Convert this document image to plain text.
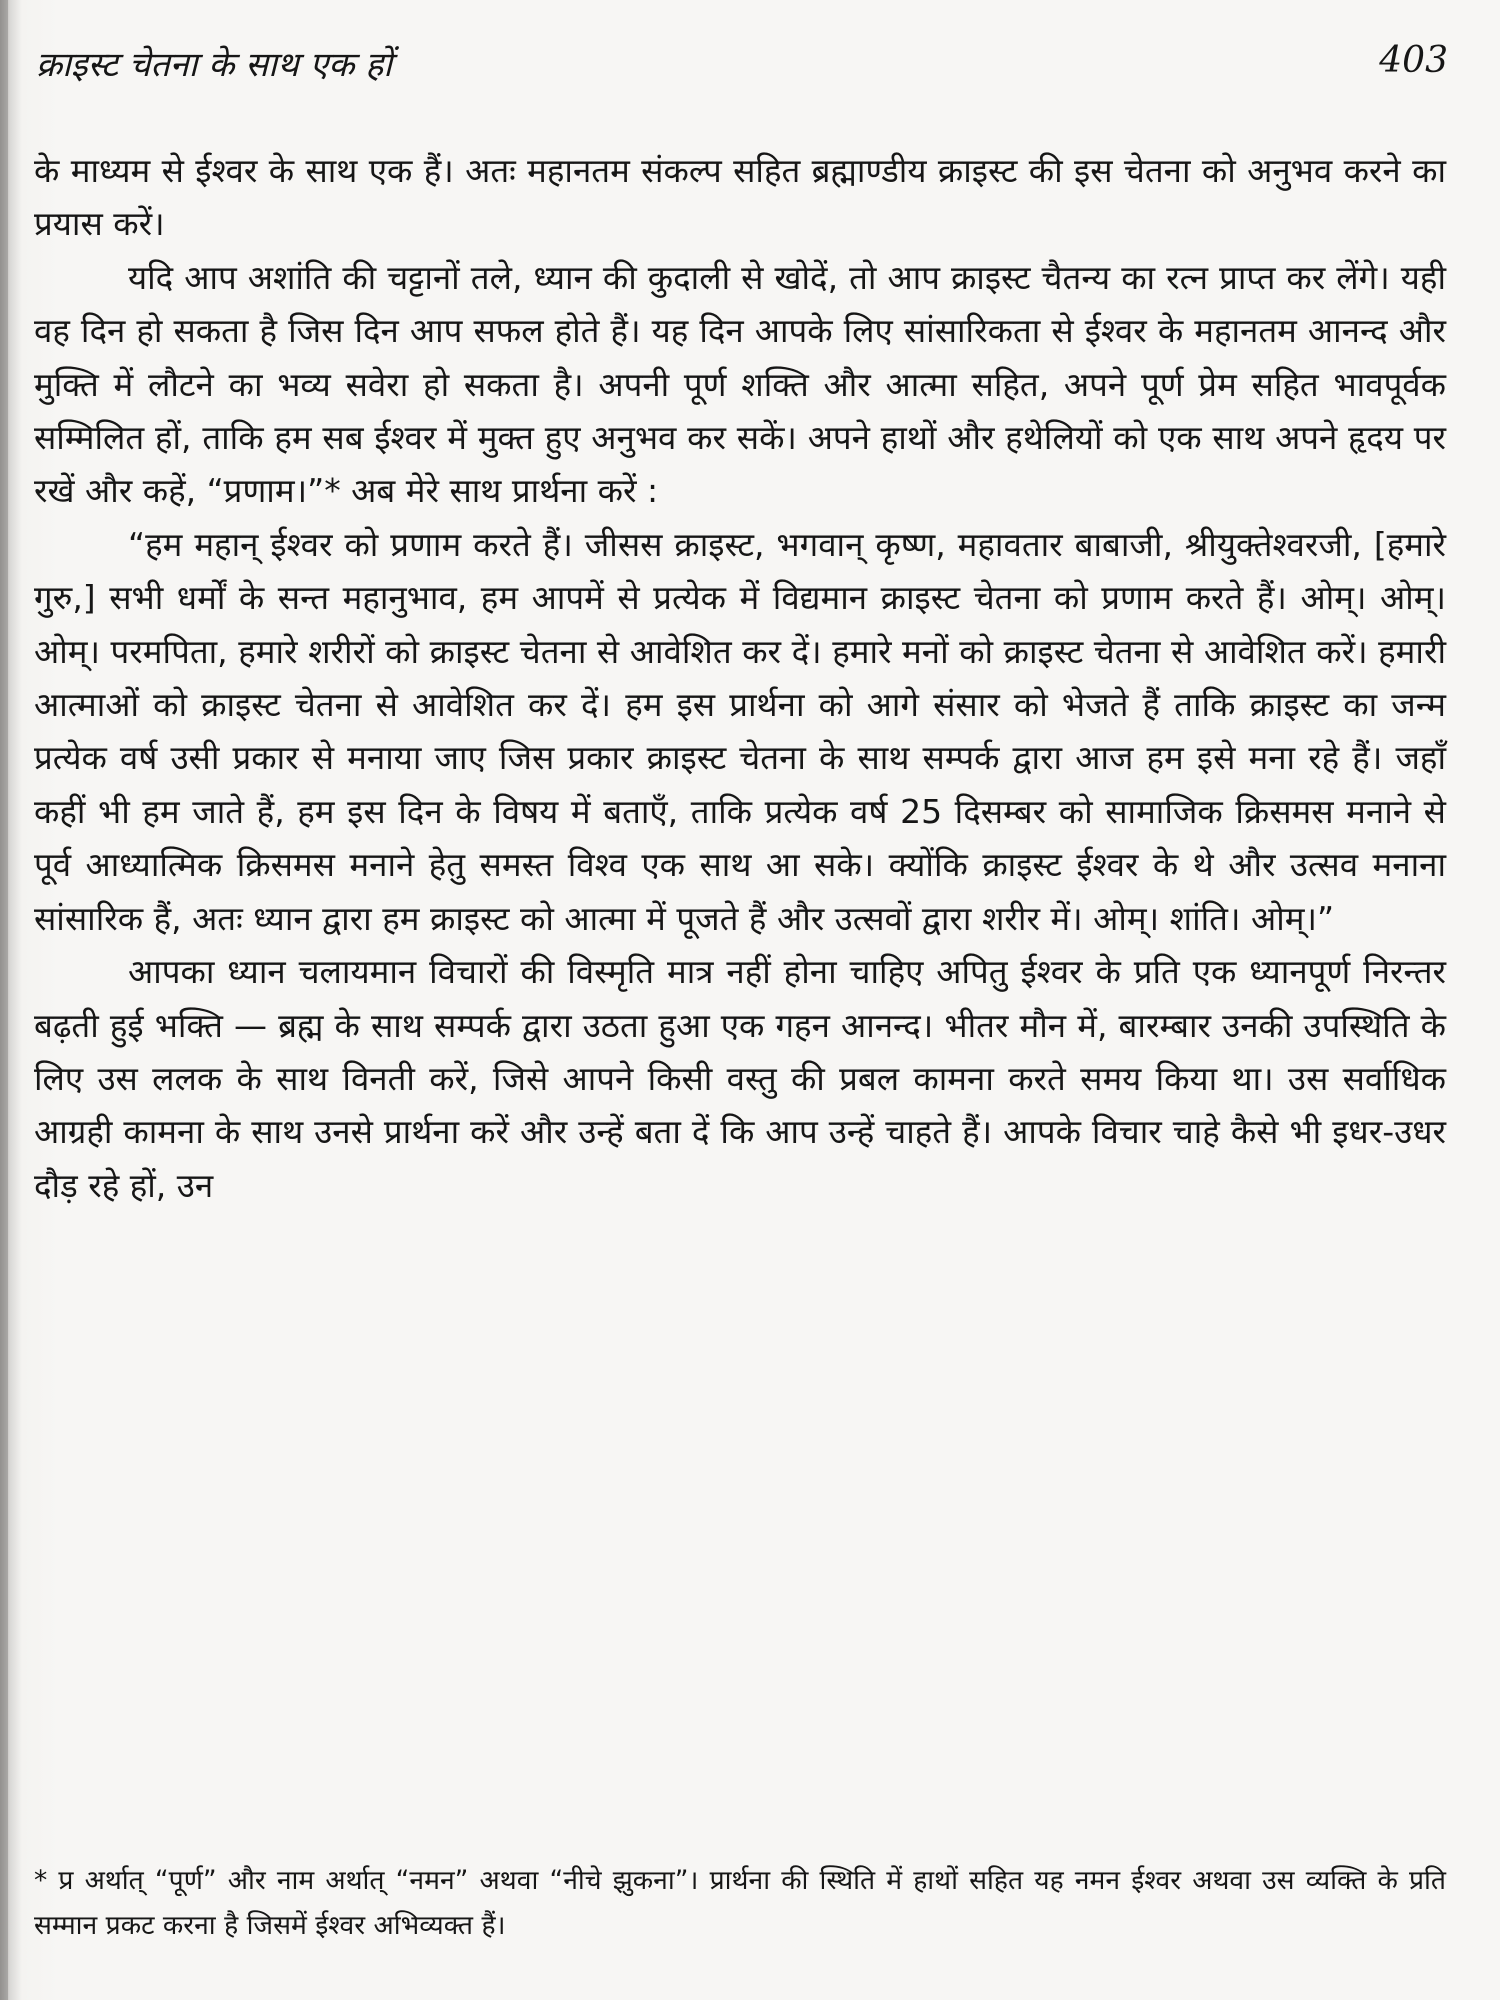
क्राइस्ट चेतना के साथ एक हों	403

के माध्यम से ईश्वर के साथ एक हैं। अतः महानतम संकल्प सहित ब्रह्माण्डीय क्राइस्ट की इस चेतना को अनुभव करने का प्रयास करें।

यदि आप अशांति की चट्टानों तले, ध्यान की कुदाली से खोदें, तो आप क्राइस्ट चैतन्य का रत्न प्राप्त कर लेंगे। यही वह दिन हो सकता है जिस दिन आप सफल होते हैं। यह दिन आपके लिए सांसारिकता से ईश्वर के महानतम आनन्द और मुक्ति में लौटने का भव्य सवेरा हो सकता है। अपनी पूर्ण शक्ति और आत्मा सहित, अपने पूर्ण प्रेम सहित भावपूर्वक सम्मिलित हों, ताकि हम सब ईश्वर में मुक्त हुए अनुभव कर सकें। अपने हाथों और हथेलियों को एक साथ अपने हृदय पर रखें और कहें, “प्रणाम।”* अब मेरे साथ प्रार्थना करें :

“हम महान् ईश्वर को प्रणाम करते हैं। जीसस क्राइस्ट, भगवान् कृष्ण, महावतार बाबाजी, श्रीयुक्तेश्वरजी, [हमारे गुरु,] सभी धर्मों के सन्त महानुभाव, हम आपमें से प्रत्येक में विद्यमान क्राइस्ट चेतना को प्रणाम करते हैं। ओम्। ओम्। ओम्। परमपिता, हमारे शरीरों को क्राइस्ट चेतना से आवेशित कर दें। हमारे मनों को क्राइस्ट चेतना से आवेशित करें। हमारी आत्माओं को क्राइस्ट चेतना से आवेशित कर दें। हम इस प्रार्थना को आगे संसार को भेजते हैं ताकि क्राइस्ट का जन्म प्रत्येक वर्ष उसी प्रकार से मनाया जाए जिस प्रकार क्राइस्ट चेतना के साथ सम्पर्क द्वारा आज हम इसे मना रहे हैं। जहाँ कहीं भी हम जाते हैं, हम इस दिन के विषय में बताएँ, ताकि प्रत्येक वर्ष 25 दिसम्बर को सामाजिक क्रिसमस मनाने से पूर्व आध्यात्मिक क्रिसमस मनाने हेतु समस्त विश्व एक साथ आ सके। क्योंकि क्राइस्ट ईश्वर के थे और उत्सव मनाना सांसारिक हैं, अतः ध्यान द्वारा हम क्राइस्ट को आत्मा में पूजते हैं और उत्सवों द्वारा शरीर में। ओम्। शांति। ओम्।”

आपका ध्यान चलायमान विचारों की विस्मृति मात्र नहीं होना चाहिए अपितु ईश्वर के प्रति एक ध्यानपूर्ण निरन्तर बढ़ती हुई भक्ति — ब्रह्म के साथ सम्पर्क द्वारा उठता हुआ एक गहन आनन्द। भीतर मौन में, बारम्बार उनकी उपस्थिति के लिए उस ललक के साथ विनती करें, जिसे आपने किसी वस्तु की प्रबल कामना करते समय किया था। उस सर्वाधिक आग्रही कामना के साथ उनसे प्रार्थना करें और उन्हें बता दें कि आप उन्हें चाहते हैं। आपके विचार चाहे कैसे भी इधर-उधर दौड़ रहे हों, उन

* प्र अर्थात् “पूर्ण” और नाम अर्थात् “नमन” अथवा “नीचे झुकना”। प्रार्थना की स्थिति में हाथों सहित यह नमन ईश्वर अथवा उस व्यक्ति के प्रति सम्मान प्रकट करना है जिसमें ईश्वर अभिव्यक्त हैं।
